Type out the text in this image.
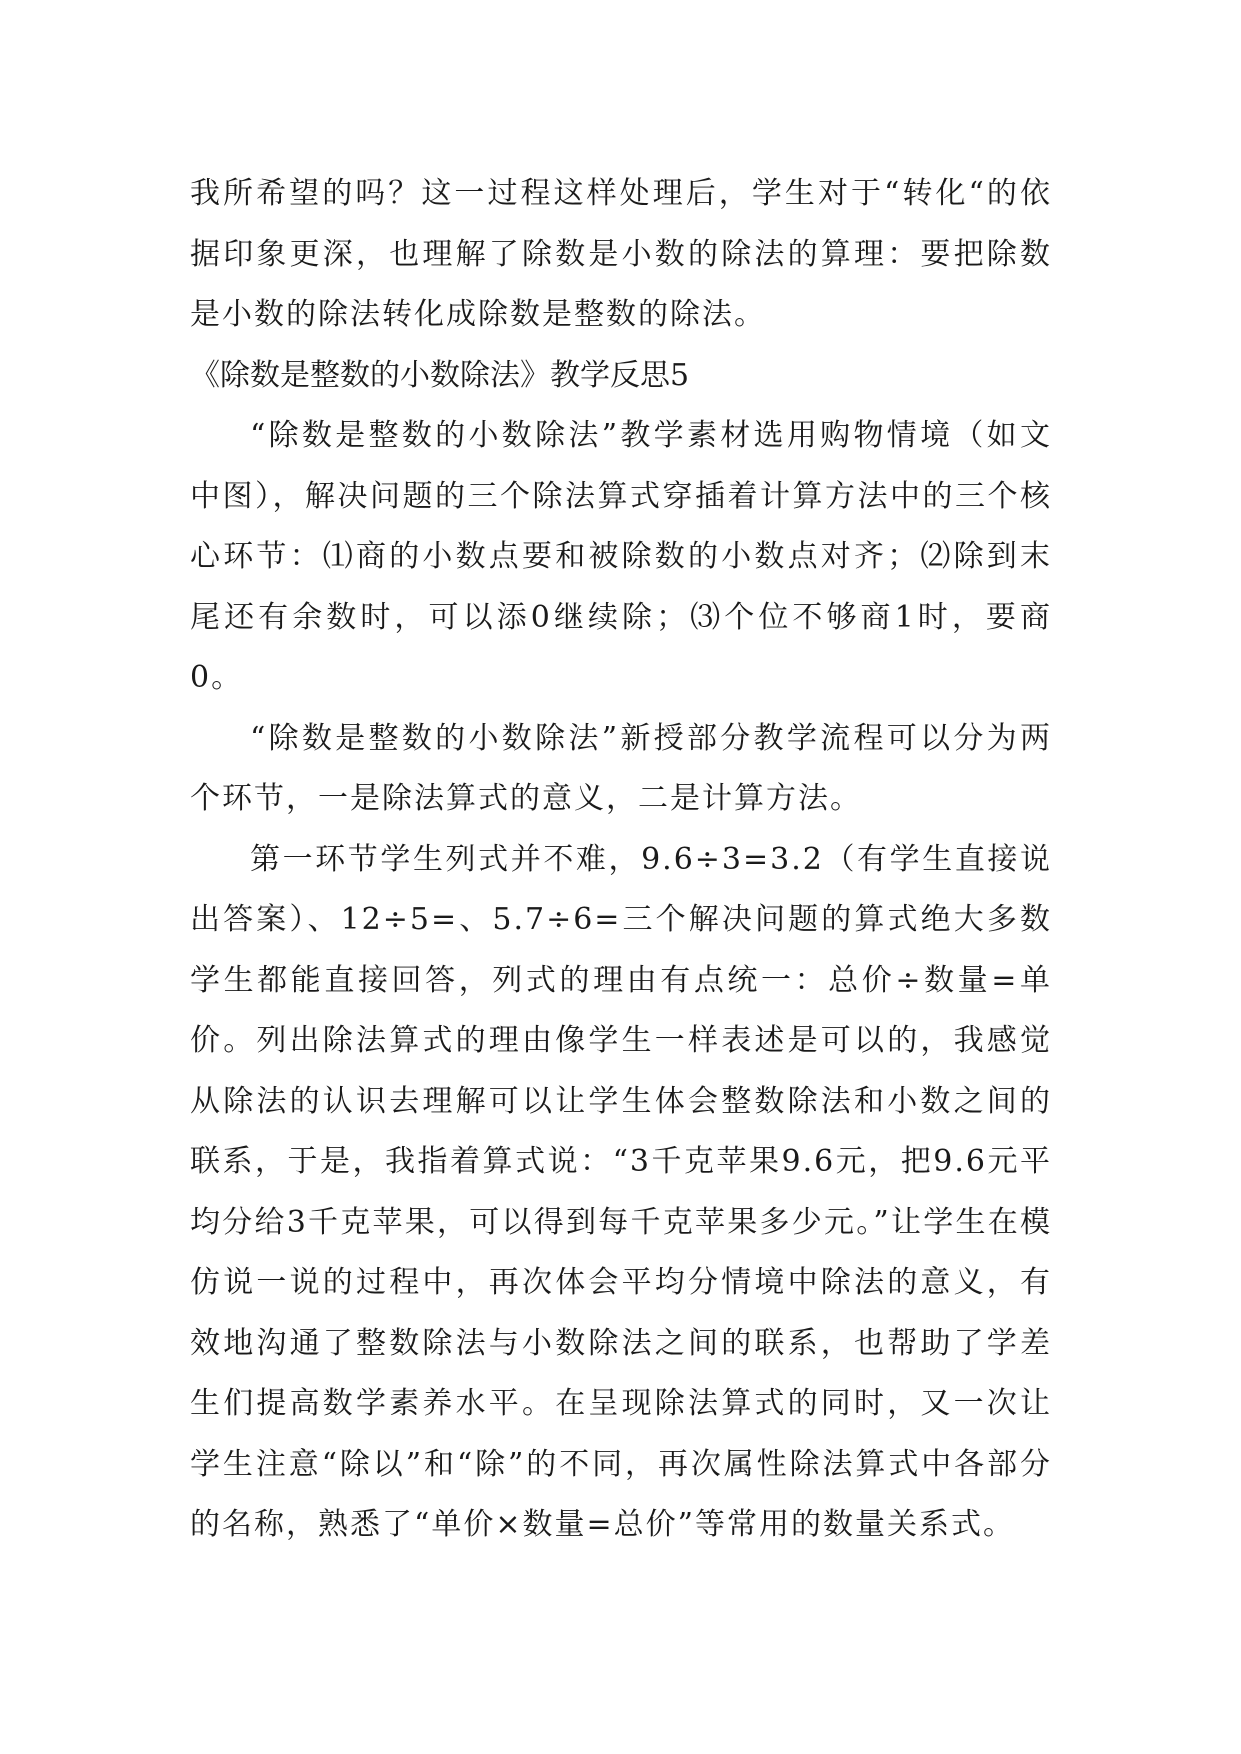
我所希望的吗？这一过程这样处理后，学生对于“转化“的依据印象更深，也理解了除数是小数的除法的算理：要把除数是小数的除法转化成除数是整数的除法。

《除数是整数的小数除法》教学反思5

“除数是整数的小数除法”教学素材选用购物情境（如文中图），解决问题的三个除法算式穿插着计算方法中的三个核心环节：⑴商的小数点要和被除数的小数点对齐；⑵除到末尾还有余数时，可以添0继续除；⑶个位不够商1时，要商0。

“除数是整数的小数除法”新授部分教学流程可以分为两个环节，一是除法算式的意义，二是计算方法。

第一环节学生列式并不难，9.6÷3=3.2（有学生直接说出答案）、12÷5=、5.7÷6=三个解决问题的算式绝大多数学生都能直接回答，列式的理由有点统一：总价÷数量=单价。列出除法算式的理由像学生一样表述是可以的，我感觉从除法的认识去理解可以让学生体会整数除法和小数之间的联系，于是，我指着算式说：“3千克苹果9.6元，把9.6元平均分给3千克苹果，可以得到每千克苹果多少元。”让学生在模仿说一说的过程中，再次体会平均分情境中除法的意义，有效地沟通了整数除法与小数除法之间的联系，也帮助了学差生们提高数学素养水平。在呈现除法算式的同时，又一次让学生注意“除以”和“除”的不同，再次属性除法算式中各部分的名称，熟悉了“单价×数量=总价”等常用的数量关系式。
